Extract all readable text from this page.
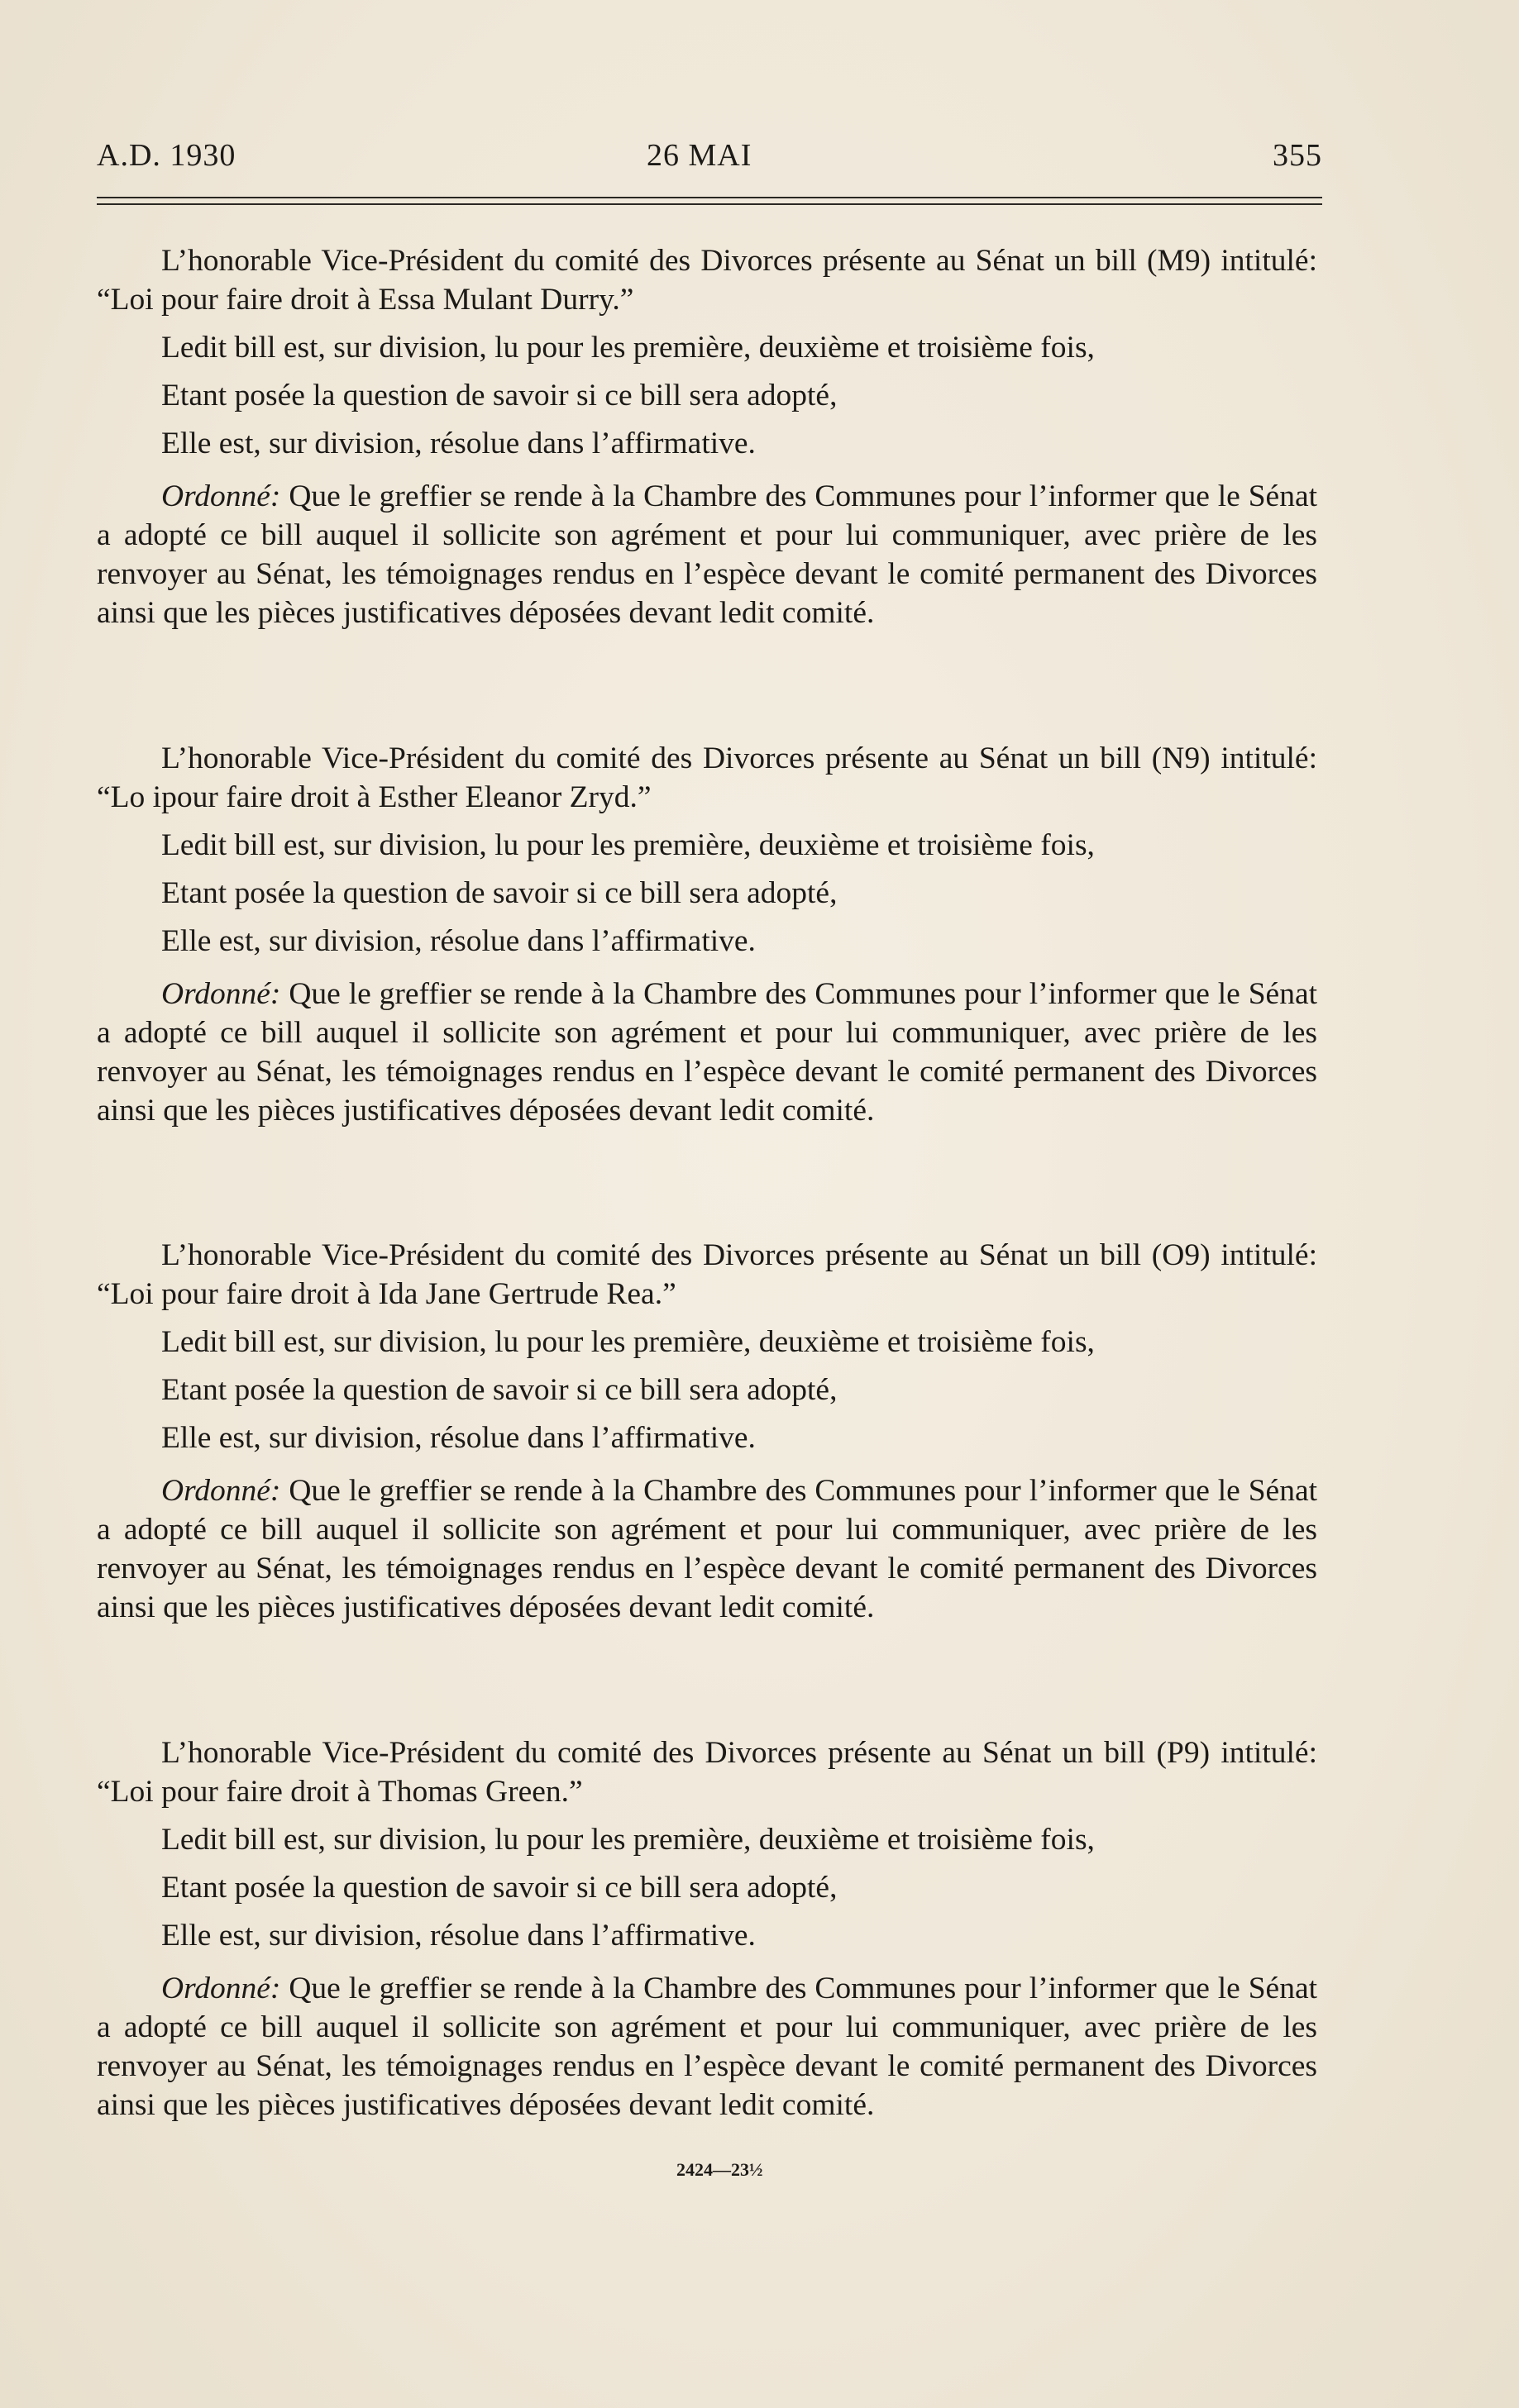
A.D. 1930	26 MAI	355

L’honorable Vice-Président du comité des Divorces présente au Sénat un bill (M9) intitulé: “Loi pour faire droit à Essa Mulant Durry.”

Ledit bill est, sur division, lu pour les première, deuxième et troisième fois,

Etant posée la question de savoir si ce bill sera adopté,

Elle est, sur division, résolue dans l’affirmative.

Ordonné: Que le greffier se rende à la Chambre des Communes pour l’informer que le Sénat a adopté ce bill auquel il sollicite son agrément et pour lui communiquer, avec prière de les renvoyer au Sénat, les témoignages rendus en l’espèce devant le comité permanent des Divorces ainsi que les pièces justificatives déposées devant ledit comité.

L’honorable Vice-Président du comité des Divorces présente au Sénat un bill (N9) intitulé: “Lo ipour faire droit à Esther Eleanor Zryd.”

Ledit bill est, sur division, lu pour les première, deuxième et troisième fois,

Etant posée la question de savoir si ce bill sera adopté,

Elle est, sur division, résolue dans l’affirmative.

Ordonné: Que le greffier se rende à la Chambre des Communes pour l’informer que le Sénat a adopté ce bill auquel il sollicite son agrément et pour lui communiquer, avec prière de les renvoyer au Sénat, les témoignages rendus en l’espèce devant le comité permanent des Divorces ainsi que les pièces justificatives déposées devant ledit comité.

L’honorable Vice-Président du comité des Divorces présente au Sénat un bill (O9) intitulé: “Loi pour faire droit à Ida Jane Gertrude Rea.”

Ledit bill est, sur division, lu pour les première, deuxième et troisième fois,

Etant posée la question de savoir si ce bill sera adopté,

Elle est, sur division, résolue dans l’affirmative.

Ordonné: Que le greffier se rende à la Chambre des Communes pour l’informer que le Sénat a adopté ce bill auquel il sollicite son agrément et pour lui communiquer, avec prière de les renvoyer au Sénat, les témoignages rendus en l’espèce devant le comité permanent des Divorces ainsi que les pièces justificatives déposées devant ledit comité.

L’honorable Vice-Président du comité des Divorces présente au Sénat un bill (P9) intitulé: “Loi pour faire droit à Thomas Green.”

Ledit bill est, sur division, lu pour les première, deuxième et troisième fois,

Etant posée la question de savoir si ce bill sera adopté,

Elle est, sur division, résolue dans l’affirmative.

Ordonné: Que le greffier se rende à la Chambre des Communes pour l’informer que le Sénat a adopté ce bill auquel il sollicite son agrément et pour lui communiquer, avec prière de les renvoyer au Sénat, les témoignages rendus en l’espèce devant le comité permanent des Divorces ainsi que les pièces justificatives déposées devant ledit comité.

2424—23½
